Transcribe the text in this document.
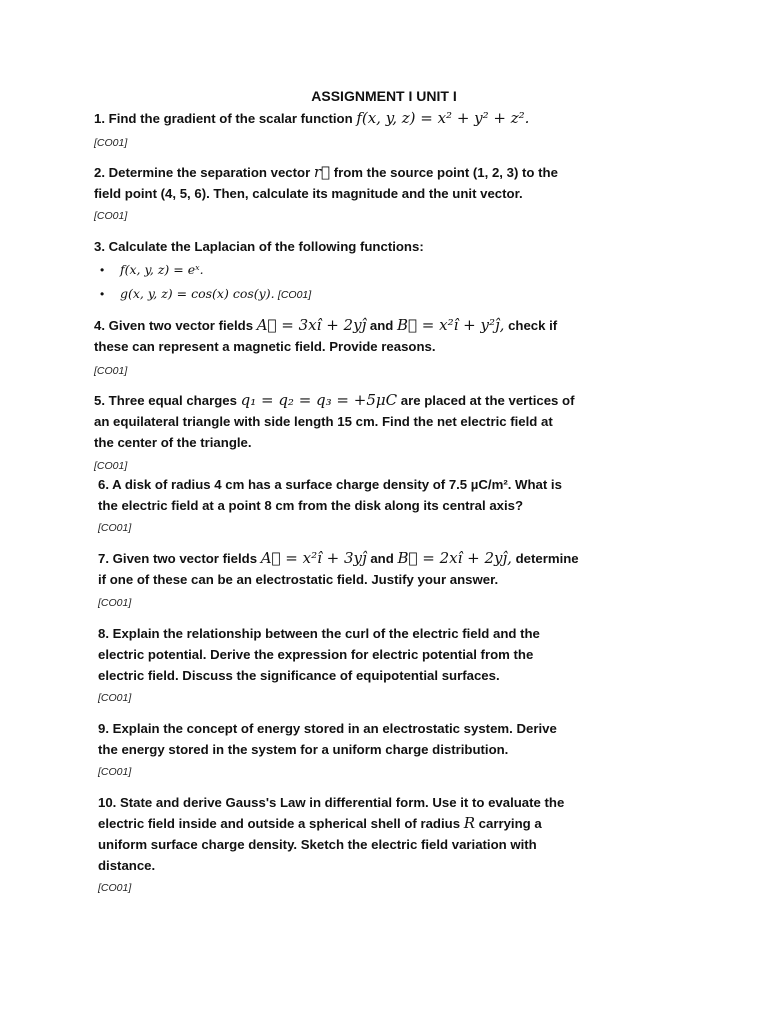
ASSIGNMENT I UNIT I
1. Find the gradient of the scalar function f(x, y, z) = x² + y² + z².
[CO01]
2. Determine the separation vector r⃗ from the source point (1, 2, 3) to the
field point (4, 5, 6). Then, calculate its magnitude and the unit vector.
[CO01]
3. Calculate the Laplacian of the following functions:
• f(x, y, z) = eˣ.
• g(x, y, z) = cos(x) cos(y). [CO01]
4. Given two vector fields A⃗ = 3xî + 2yĵ and B⃗ = x²î + y²ĵ, check if
these can represent a magnetic field. Provide reasons.
[CO01]
5. Three equal charges q₁ = q₂ = q₃ = +5μC are placed at the vertices of
an equilateral triangle with side length 15 cm. Find the net electric field at
the center of the triangle.
[CO01]
6. A disk of radius 4 cm has a surface charge density of 7.5 µC/m². What is
the electric field at a point 8 cm from the disk along its central axis?
[CO01]
7. Given two vector fields A⃗ = x²î + 3yĵ and B⃗ = 2xî + 2yĵ, determine
if one of these can be an electrostatic field. Justify your answer.
[CO01]
8. Explain the relationship between the curl of the electric field and the
electric potential. Derive the expression for electric potential from the
electric field. Discuss the significance of equipotential surfaces.
[CO01]
9. Explain the concept of energy stored in an electrostatic system. Derive
the energy stored in the system for a uniform charge distribution.
[CO01]
10. State and derive Gauss's Law in differential form. Use it to evaluate the
electric field inside and outside a spherical shell of radius R carrying a
uniform surface charge density. Sketch the electric field variation with
distance.
[CO01]
